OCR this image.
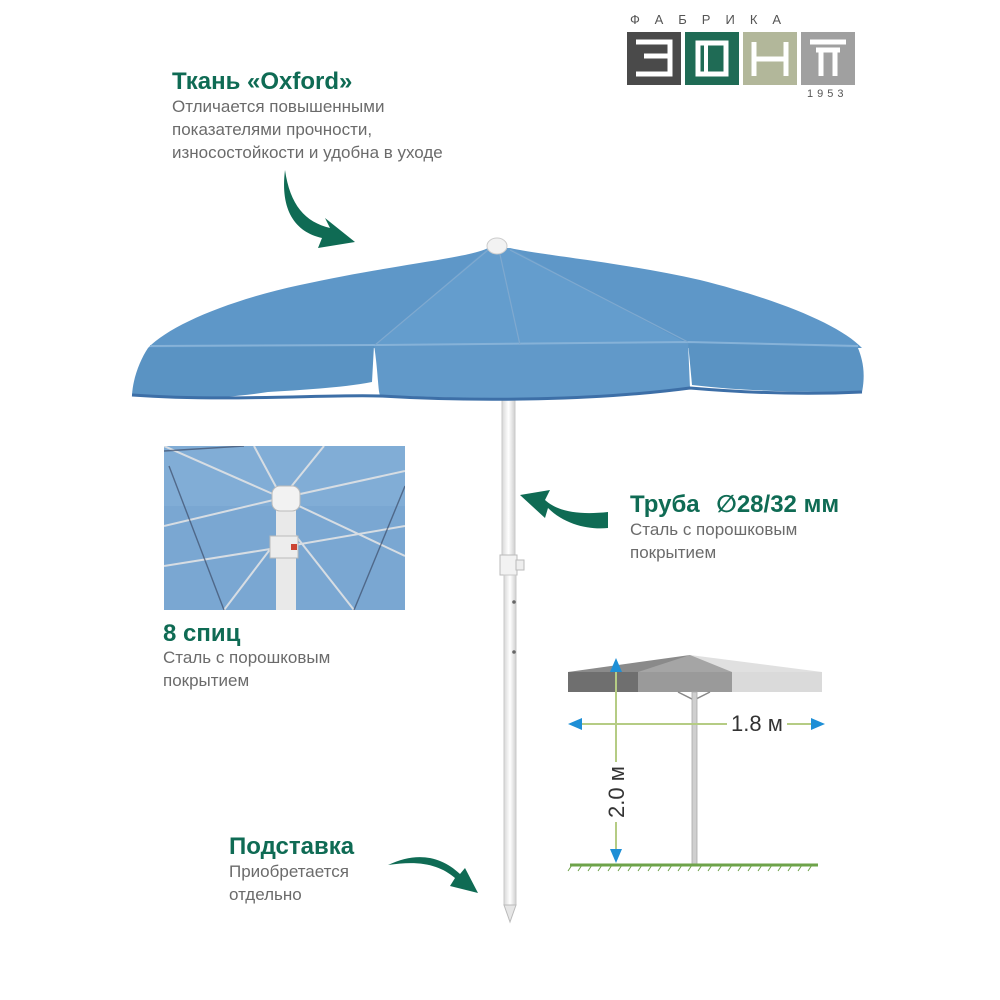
ФАБРИКА
1953
Ткань «Oxford»
Отличается повышенными
показателями прочности,
износостойкости и удобна в уходе
8 спиц
Сталь с порошковым
покрытием
Труба ∅28/32 мм
Сталь с порошковым
покрытием
Подставка
Приобретается
отдельно
1.8 м
2.0 м
